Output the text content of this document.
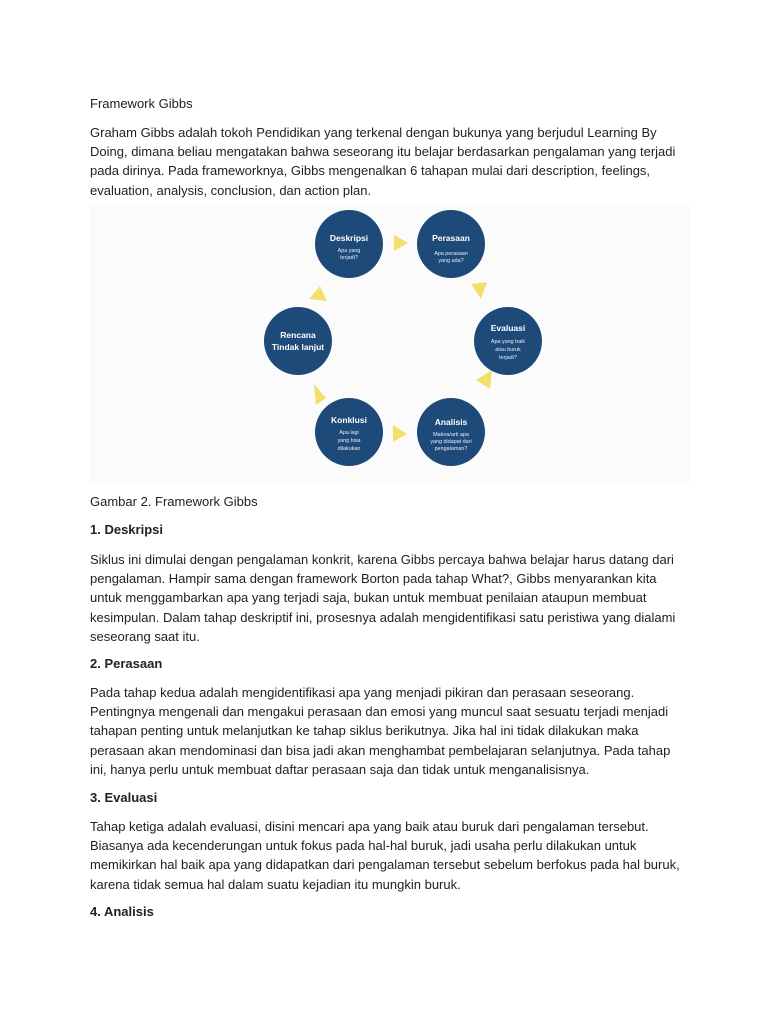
Framework Gibbs
Graham Gibbs adalah tokoh Pendidikan yang terkenal dengan bukunya yang berjudul Learning By Doing, dimana beliau mengatakan bahwa seseorang itu belajar berdasarkan pengalaman yang terjadi pada dirinya. Pada frameworknya, Gibbs mengenalkan 6 tahapan mulai dari description, feelings, evaluation, analysis, conclusion, dan action plan.
Deskripsi
Apa yang
terjadi?
Perasaan
Apa perasaan
yang ada?
Evaluasi
Apa yang baik
atau buruk
terjadi?
Analisis
Makna/arti apa
yang didapat dari
pengalaman?
Konklusi
Apa lagi
yang bisa
dilakukan
Rencana
Tindak lanjut
Gambar 2. Framework Gibbs
1. Deskripsi
Siklus ini dimulai dengan pengalaman konkrit, karena Gibbs percaya bahwa belajar harus datang dari pengalaman. Hampir sama dengan framework Borton pada tahap What?, Gibbs menyarankan kita untuk menggambarkan apa yang terjadi saja, bukan untuk membuat penilaian ataupun membuat kesimpulan. Dalam tahap deskriptif ini, prosesnya adalah mengidentifikasi satu peristiwa yang dialami seseorang saat itu.
2. Perasaan
Pada tahap kedua adalah mengidentifikasi apa yang menjadi pikiran dan perasaan seseorang. Pentingnya mengenali dan mengakui perasaan dan emosi yang muncul saat sesuatu terjadi menjadi tahapan penting untuk melanjutkan ke tahap siklus berikutnya. Jika hal ini tidak dilakukan maka perasaan akan mendominasi dan bisa jadi akan menghambat pembelajaran selanjutnya. Pada tahap ini, hanya perlu untuk membuat daftar perasaan saja dan tidak untuk menganalisisnya.
3. Evaluasi
Tahap ketiga adalah evaluasi, disini mencari apa yang baik atau buruk dari pengalaman tersebut. Biasanya ada kecenderungan untuk fokus pada hal-hal buruk, jadi usaha perlu dilakukan untuk memikirkan hal baik apa yang didapatkan dari pengalaman tersebut sebelum berfokus pada hal buruk, karena tidak semua hal dalam suatu kejadian itu mungkin buruk.
4. Analisis
